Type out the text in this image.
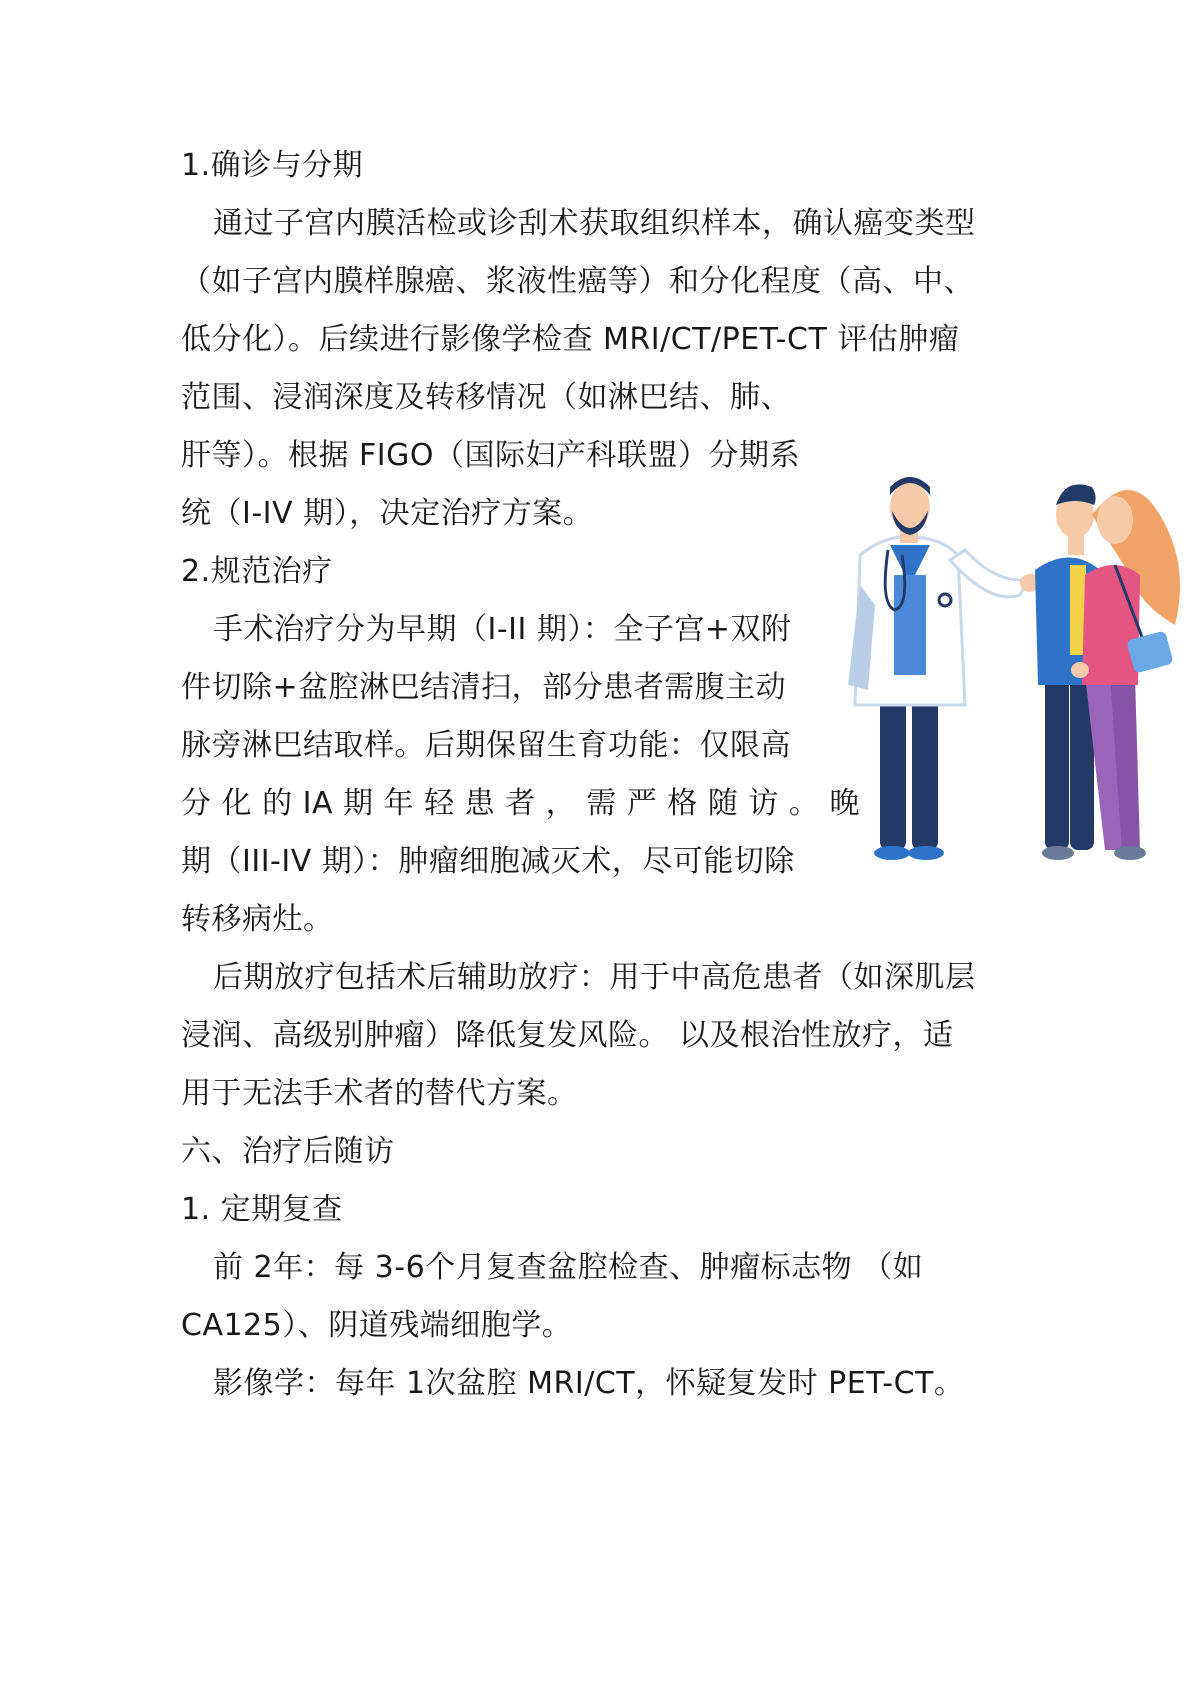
1.确诊与分期
通过子宫内膜活检或诊刮术获取组织样本，确认癌变类型
（如子宫内膜样腺癌、浆液性癌等）和分化程度（高、中、
低分化）。后续进行影像学检查 MRI/CT/PET-CT 评估肿瘤
范围、浸润深度及转移情况（如淋巴结、肺、
肝等）。根据 FIGO（国际妇产科联盟）分期系
统（I-IV 期），决定治疗方案。
2.规范治疗
手术治疗分为早期（I-II 期）：全子宫+双附
件切除+盆腔淋巴结清扫，部分患者需腹主动
脉旁淋巴结取样。后期保留生育功能：仅限高
分 化 的 IA 期 年 轻 患 者 ， 需 严 格 随 访 。 晚
期（III-IV 期）：肿瘤细胞减灭术，尽可能切除
转移病灶。
后期放疗包括术后辅助放疗：用于中高危患者（如深肌层
浸润、高级别肿瘤）降低复发风险。 以及根治性放疗，适
用于无法手术者的替代方案。
六、治疗后随访
1. 定期复查
前 2年：每 3-6个月复查盆腔检查、肿瘤标志物 （如
CA125）、阴道残端细胞学。
影像学：每年 1次盆腔 MRI/CT，怀疑复发时 PET-CT。
